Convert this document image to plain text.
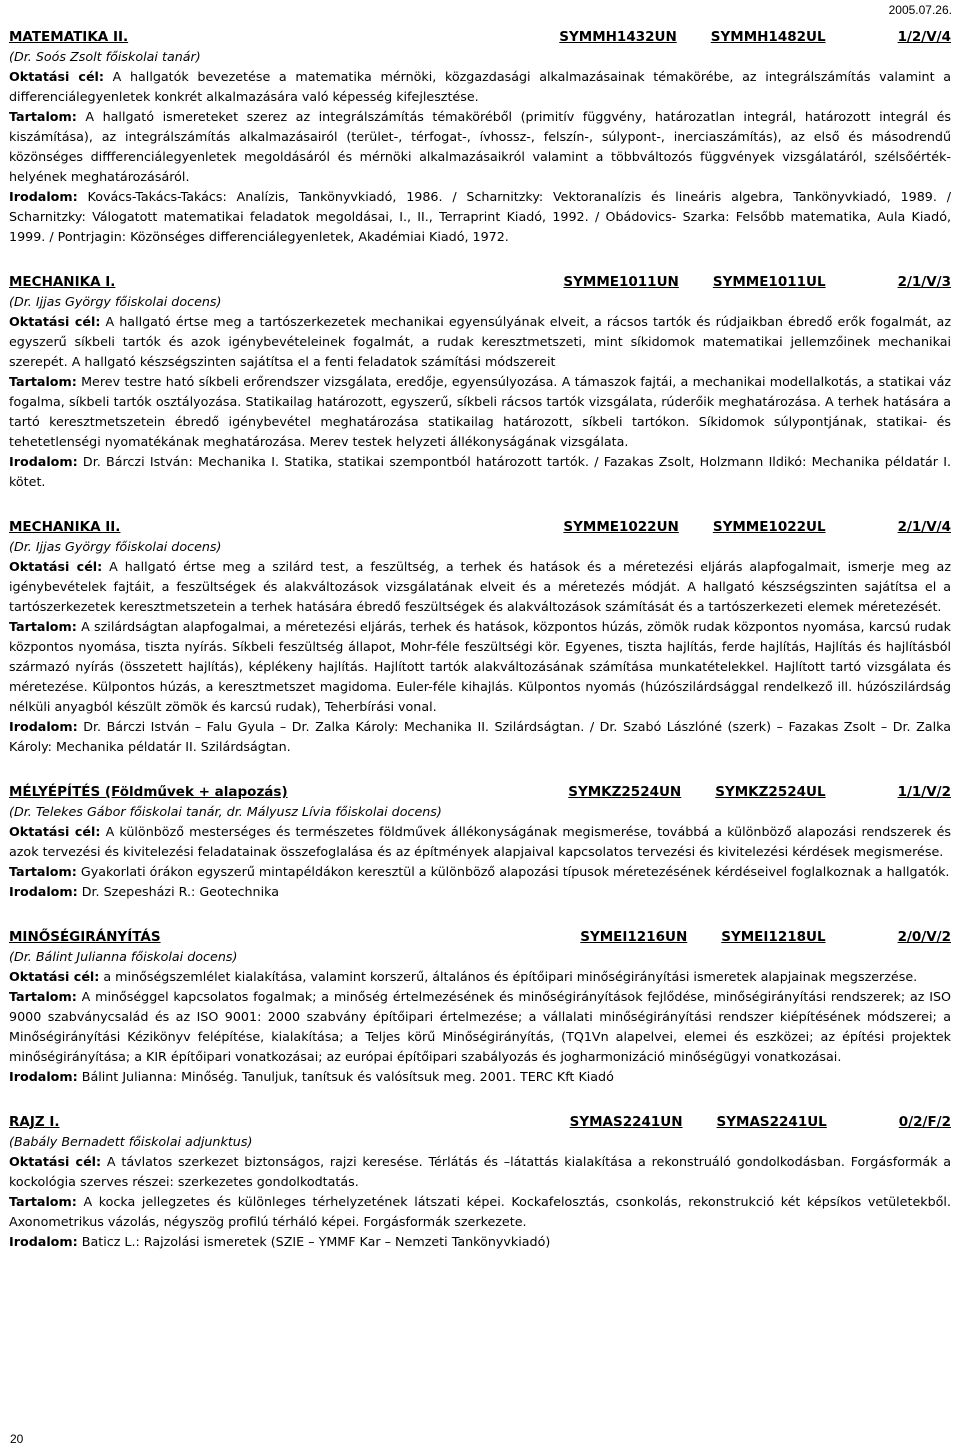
2005.07.26.
MATEMATIKA II.	SYMMH1432UN	SYMMH1482UL	1/2/V/4
(Dr. Soós Zsolt főiskolai tanár)
Oktatási cél: A hallgatók bevezetése a matematika mérnöki, közgazdasági alkalmazásainak témakörébe, az integrálszámítás valamint a differenciálegyenletek konkrét alkalmazására való képesség kifejlesztése.
Tartalom: A hallgató ismereteket szerez az integrálszámítás témaköréből (primitív függvény, határozatlan integrál, határozott integrál és kiszámítása), az integrálszámítás alkalmazásairól (terület-, térfogat-, ívhossz-, felszín-, súlypont-, inerciaszámítás), az első és másodrendű közönséges diffferenciálegyenletek megoldásáról és mérnöki alkalmazásaikról valamint a többváltozós függvények vizsgálatáról, szélsőérték-helyének meghatározásáról.
Irodalom: Kovács-Takács-Takács: Analízis, Tankönyvkiadó, 1986. / Scharnitzky: Vektoranalízis és lineáris algebra, Tankönyvkiadó, 1989. / Scharnitzky: Válogatott matematikai feladatok megoldásai, I., II., Terraprint Kiadó, 1992. / Obádovics- Szarka: Felsőbb matematika, Aula Kiadó, 1999. / Pontrjagin: Közönséges differenciálegyenletek, Akadémiai Kiadó, 1972.
MECHANIKA I.	SYMME1011UN	SYMME1011UL	2/1/V/3
(Dr. Ijjas György főiskolai docens)
Oktatási cél: A hallgató értse meg a tartószerkezetek mechanikai egyensúlyának elveit, a rácsos tartók és rúdjaikban ébredő erők fogalmát, az egyszerű síkbeli tartók és azok igénybevételeinek fogalmát, a rudak keresztmetszeti, mint síkidomok matematikai jellemzőinek mechanikai szerepét. A hallgató készségszinten sajátítsa el a fenti feladatok számítási módszereit
Tartalom: Merev testre ható síkbeli erőrendszer vizsgálata, eredője, egyensúlyozása. A támaszok fajtái, a mechanikai modellalkotás, a statikai váz fogalma, síkbeli tartók osztályozása. Statikailag határozott, egyszerű, síkbeli rácsos tartók vizsgálata, rúderőik meghatározása. A terhek hatására a tartó keresztmetszetein ébredő igénybevétel meghatározása statikailag határozott, síkbeli tartókon. Síkidomok súlypontjának, statikai- és tehetetlenségi nyomatékának meghatározása. Merev testek helyzeti állékonyságának vizsgálata.
Irodalom: Dr. Bárczi István: Mechanika I. Statika, statikai szempontból határozott tartók. / Fazakas Zsolt, Holzmann Ildikó: Mechanika példatár I. kötet.
MECHANIKA II.	SYMME1022UN	SYMME1022UL	2/1/V/4
(Dr. Ijjas György főiskolai docens)
Oktatási cél: A hallgató értse meg a szilárd test, a feszültség, a terhek és hatások és a méretezési eljárás alapfogalmait, ismerje meg az igénybevételek fajtáit, a feszültségek és alakváltozások vizsgálatának elveit és a méretezés módját. A hallgató készségszinten sajátítsa el a tartószerkezetek keresztmetszetein a terhek hatására ébredő feszültségek és alakváltozások számítását és a tartószerkezeti elemek méretezését.
Tartalom: A szilárdságtan alapfogalmai, a méretezési eljárás, terhek és hatások, központos húzás, zömök rudak központos nyomása, karcsú rudak központos nyomása, tiszta nyírás. Síkbeli feszültség állapot, Mohr-féle feszültségi kör. Egyenes, tiszta hajlítás, ferde hajlítás, Hajlítás és hajlításból származó nyírás (összetett hajlítás), képlékeny hajlítás. Hajlított tartók alakváltozásának számítása munkatételekkel. Hajlított tartó vizsgálata és méretezése. Külpontos húzás, a keresztmetszet magidoma. Euler-féle kihajlás. Külpontos nyomás (húzószilárdsággal rendelkező ill. húzószilárdság nélküli anyagból készült zömök és karcsú rudak), Teherbírási vonal.
Irodalom: Dr. Bárczi István – Falu Gyula – Dr. Zalka Károly: Mechanika II. Szilárdságtan. / Dr. Szabó Lászlóné (szerk) – Fazakas Zsolt – Dr. Zalka Károly: Mechanika példatár II. Szilárdságtan.
MÉLYÉPÍTÉS (Földművek + alapozás)	SYMKZ2524UN	SYMKZ2524UL	1/1/V/2
(Dr. Telekes Gábor főiskolai tanár, dr. Mályusz Lívia főiskolai docens)
Oktatási cél: A különböző mesterséges és természetes földművek állékonyságának megismerése, továbbá a különböző alapozási rendszerek és azok tervezési és kivitelezési feladatainak összefoglalása és az építmények alapjaival kapcsolatos tervezési és kivitelezési kérdések megismerése.
Tartalom: Gyakorlati órákon egyszerű mintapéldákon keresztül a különböző alapozási típusok méretezésének kérdéseivel foglalkoznak a hallgatók.
Irodalom: Dr. Szepesházi R.: Geotechnika
MINŐSÉGIRÁNYÍTÁS	SYMEI1216UN	SYMEI1218UL	2/0/V/2
(Dr. Bálint Julianna főiskolai docens)
Oktatási cél: a minőségszemlélet kialakítása, valamint korszerű, általános és építőipari minőségirányítási ismeretek alapjainak megszerzése.
Tartalom: A minőséggel kapcsolatos fogalmak; a minőség értelmezésének és minőségirányítások fejlődése, minőségirányítási rendszerek; az ISO 9000 szabványcsalád és az ISO 9001: 2000 szabvány építőipari értelmezése; a vállalati minőségirányítási rendszer kiépítésének módszerei; a Minőségirányítási Kézikönyv felépítése, kialakítása; a Teljes körű Minőségirányítás, (TQ1Vn alapelvei, elemei és eszközei; az építési projektek minőségirányítása; a KIR építőipari vonatkozásai; az európai építőipari szabályozás és jogharmonizáció minőségügyi vonatkozásai.
Irodalom: Bálint Julianna: Minőség. Tanuljuk, tanítsuk és valósítsuk meg. 2001. TERC Kft Kiadó
RAJZ I.	SYMAS2241UN	SYMAS2241UL	0/2/F/2
(Babály Bernadett főiskolai adjunktus)
Oktatási cél: A távlatos szerkezet biztonságos, rajzi keresése. Térlátás és –látattás kialakítása a rekonstruáló gondolkodásban. Forgásformák a kockológia szerves részei: szerkezetes gondolkodtatás.
Tartalom: A kocka jellegzetes és különleges térhelyzetének látszati képei. Kockafelosztás, csonkolás, rekonstrukció két képsíkos vetületekből. Axonometrikus vázolás, négyszög profilú térháló képei. Forgásformák szerkezete.
Irodalom: Baticz L.: Rajzolási ismeretek (SZIE – YMMF Kar – Nemzeti Tankönyvkiadó)
20
